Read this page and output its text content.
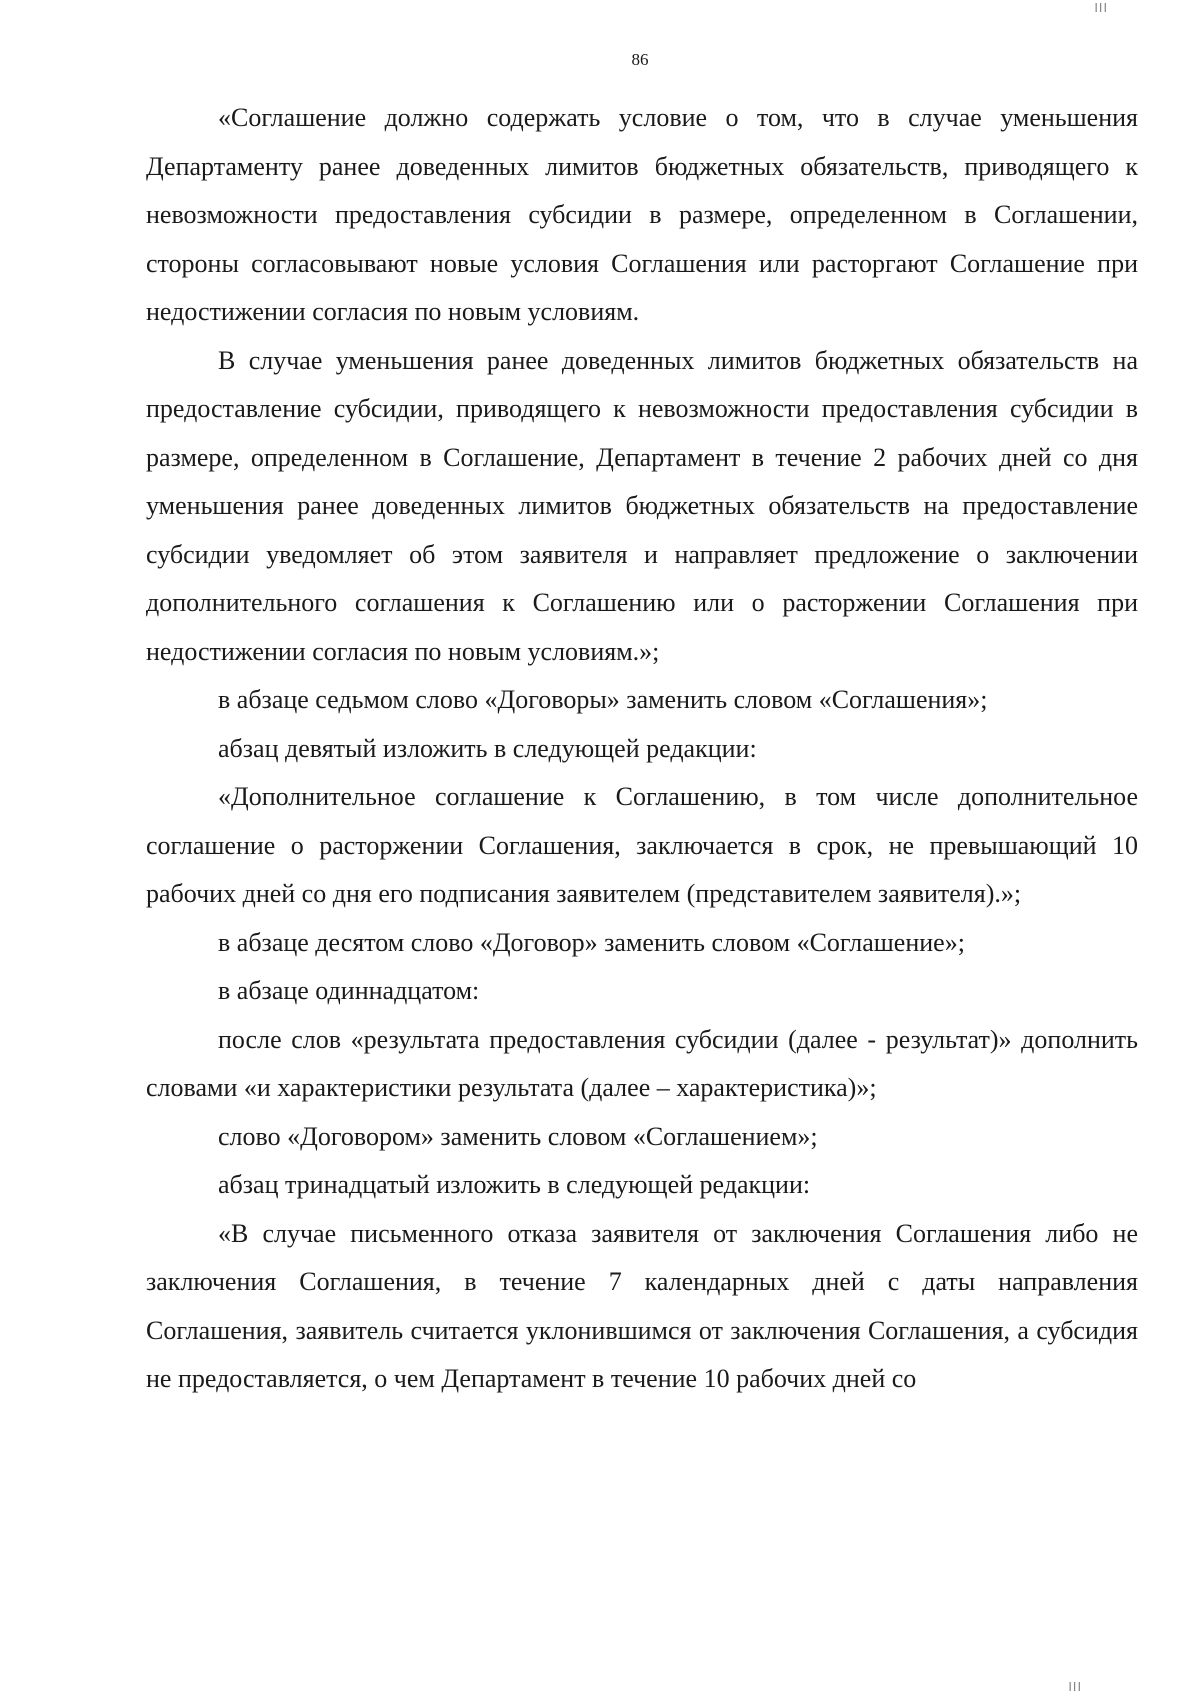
׀׀׀
86

«Соглашение должно содержать условие о том, что в случае уменьшения Департаменту ранее доведенных лимитов бюджетных обязательств, приводящего к невозможности предоставления субсидии в размере, определенном в Соглашении, стороны согласовывают новые условия Соглашения или расторгают Соглашение при недостижении согласия по новым условиям.

В случае уменьшения ранее доведенных лимитов бюджетных обязательств на предоставление субсидии, приводящего к невозможности предоставления субсидии в размере, определенном в Соглашение, Департамент в течение 2 рабочих дней со дня уменьшения ранее доведенных лимитов бюджетных обязательств на предоставление субсидии уведомляет об этом заявителя и направляет предложение о заключении дополнительного соглашения к Соглашению или о расторжении Соглашения при недостижении согласия по новым условиям.»;

в абзаце седьмом слово «Договоры» заменить словом «Соглашения»;

абзац девятый изложить в следующей редакции:

«Дополнительное соглашение к Соглашению, в том числе дополнительное соглашение о расторжении Соглашения, заключается в срок, не превышающий 10 рабочих дней со дня его подписания заявителем (представителем заявителя).»;

в абзаце десятом слово «Договор» заменить словом «Соглашение»;

в абзаце одиннадцатом:

после слов «результата предоставления субсидии (далее - результат)» дополнить словами «и характеристики результата (далее – характеристика)»;

слово «Договором» заменить словом «Соглашением»;

абзац тринадцатый изложить в следующей редакции:

«В случае письменного отказа заявителя от заключения Соглашения либо не заключения Соглашения, в течение 7 календарных дней с даты направления Соглашения, заявитель считается уклонившимся от заключения Соглашения, а субсидия не предоставляется, о чем Департамент в течение 10 рабочих дней со

׀׀׀
